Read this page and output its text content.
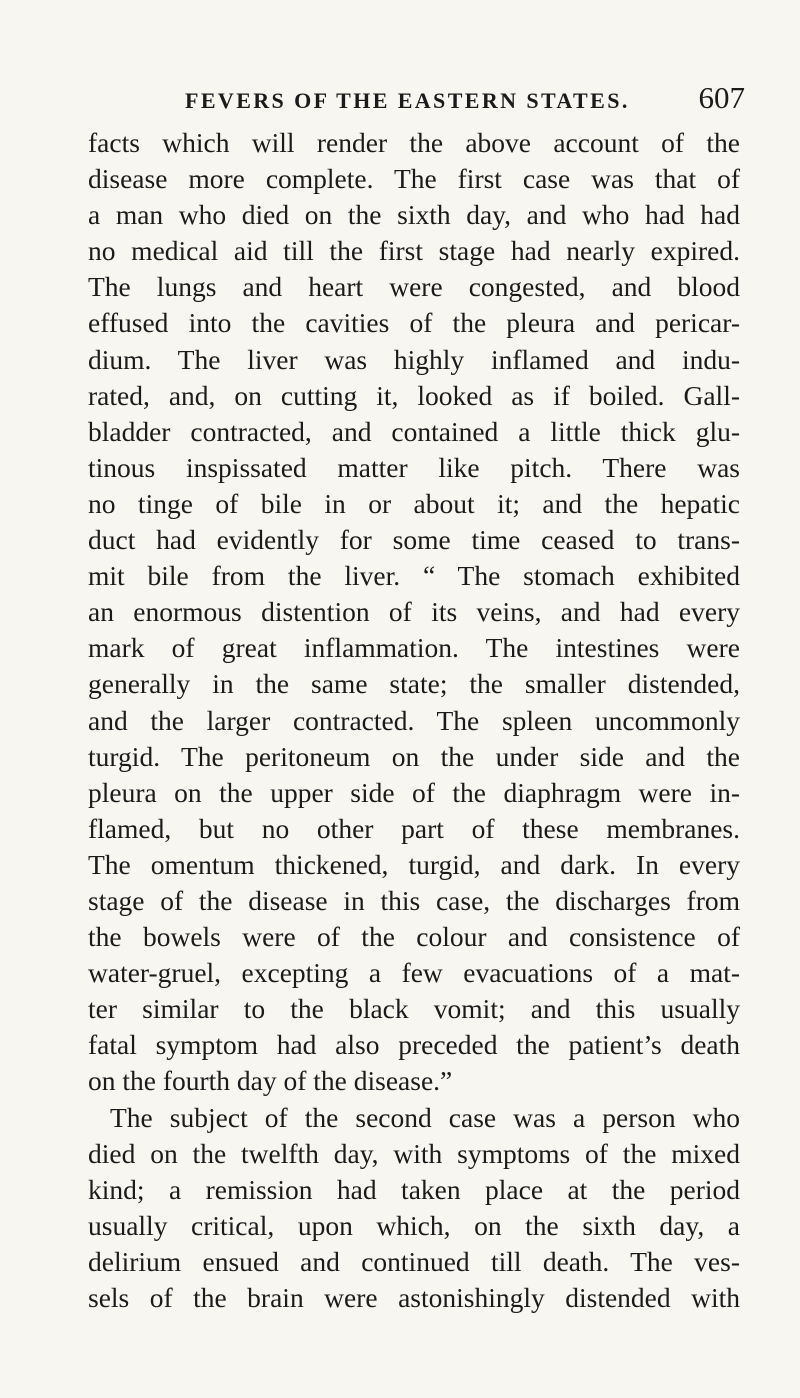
FEVERS OF THE EASTERN STATES. 607
facts which will render the above account of the
disease more complete. The first case was that of
a man who died on the sixth day, and who had had
no medical aid till the first stage had nearly expired.
The lungs and heart were congested, and blood
effused into the cavities of the pleura and pericar-
dium. The liver was highly inflamed and indu-
rated, and, on cutting it, looked as if boiled. Gall-
bladder contracted, and contained a little thick glu-
tinous inspissated matter like pitch. There was
no tinge of bile in or about it; and the hepatic
duct had evidently for some time ceased to trans-
mit bile from the liver. “ The stomach exhibited
an enormous distention of its veins, and had every
mark of great inflammation. The intestines were
generally in the same state; the smaller distended,
and the larger contracted. The spleen uncommonly
turgid. The peritoneum on the under side and the
pleura on the upper side of the diaphragm were in-
flamed, but no other part of these membranes.
The omentum thickened, turgid, and dark. In every
stage of the disease in this case, the discharges from
the bowels were of the colour and consistence of
water-gruel, excepting a few evacuations of a mat-
ter similar to the black vomit; and this usually
fatal symptom had also preceded the patient’s death
on the fourth day of the disease.”
The subject of the second case was a person who
died on the twelfth day, with symptoms of the mixed
kind; a remission had taken place at the period
usually critical, upon which, on the sixth day, a
delirium ensued and continued till death. The ves-
sels of the brain were astonishingly distended with
